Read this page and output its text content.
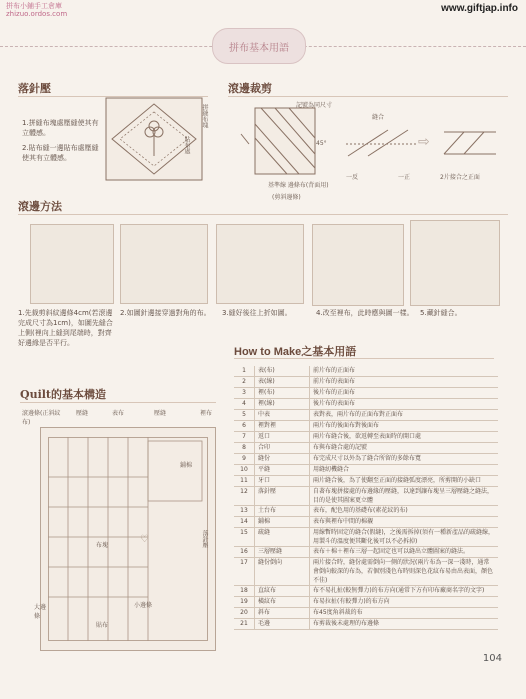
拼布小鋪手工倉庫
zhizuo.ordos.com	www.giftjap.info
拼布基本用語
落針壓
1.拼縫布塊處壓縫使其有立體感。
2.貼布縫一邊貼布處壓縫使其有立體感。
拼縫布塊
貼布處
滾邊裁剪
記號為同尺寸
45°
基準線 邊條布(背面用)
(剪斜邊條)
縫合
一反	一正
⇨
2片接合之正面
滾邊方法
1.先裁剪斜紋邊條4cm(若滾邊完成尺寸為1cm)，如圖先縫合上側(裡向上縫到尾端時，對齊好邊緣是否平行。
2.如圖針邊接穿過對角的布。	3.縫好後往上折如圖。	4.改至裡布，此時應與圖一樣。 5.藏針縫合。
Quilt的基本構造
滾邊條(正斜紋布)
壓縫	表布	壓縫	裡布
鋪棉
落針壓
布塊
♡
小邊條
大邊條
貼布
How to Make之基本用語
1	表(布)	前片布的正面布
2	表(線)	前片布的表面布
3	裡(布)	後片布的正面布
4	裡(線)	後片布的表面布
5	中表	表對表，兩片布的正面布對正面布
6	裡對裡	兩片布的後面布對後面布
7	返口	兩片布縫合後，欲返轉至表面時的開口處
8	合印	布與布縫合處的記號
9	縫份	布完成尺寸以外為了縫合所留的多餘布寬
10	平縫	用縫紉機縫合
11	牙口	兩片縫合後，為了使翻至正面的接縫弧度漂亮，所剪開的小缺口
12	落針壓	自著布塊拼接處的布邊緣的壓縫，以達到讓布塊呈三層壓縫之縫法，目的是使其圖案更立體
13	土台布	表布，配色用的基礎布(素花紋的布)
14	鋪棉	表布與裡布中間的棉襯
15	疏縫	用線暫時固定的縫合(假縫)，之後需拆掉(須有一種新產品的疏縫線，用製斗的溫度便其斷化後可以不必拆掉)
16	三層壓縫	表布＋棉＋裡布三層一起固定也可以縫出立體圖案的縫法。
17	縫份倒向	兩片接合時，縫份處需倒向一側的狀況(兩片布為一深一淺時，通常會倒向較深的布為，若個別淺色布時則深色花紋布易由出表面，顏色不佳)
18	直紋布	布不易扎扯(較無彈力)的布方向(通常下方有印布廠商名字的文字)
19	橫紋布	布易拉扯(有較彈力)的布方向
20	斜布	布45度角斜裁的布
21	毛邊	布剪裁後未處理的布邊條
104
